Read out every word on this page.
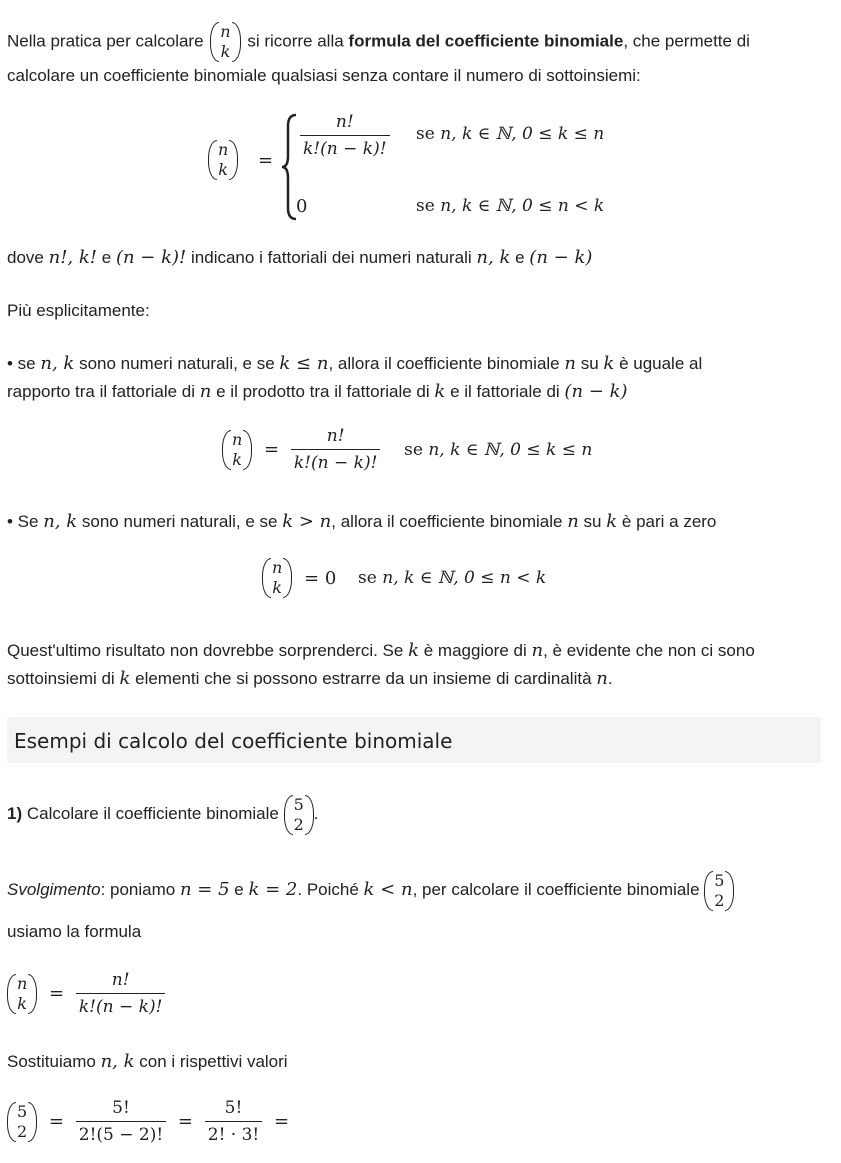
Nella pratica per calcolare	n
k
si ricorre alla formula del coefficiente binomiale, che permette di
calcolare un coefficiente binomiale qualsiasi senza contare il numero di sottoinsiemi:
n
k	=
$\frac{n!}{k!(n - k)!}$ se n, k ∈ ℕ, 0 ≤ k ≤ n
0	se n, k ∈ ℕ, 0 ≤ n < k
dove n!, k! e (n − k)! indicano i fattoriali dei numeri naturali n, k e (n − k)
Più esplicitamente:
• se n, k sono numeri naturali, e se k ≤ n, allora il coefficiente binomiale n su k è uguale al
rapporto tra il fattoriale di n e il prodotto tra il fattoriale di k e il fattoriale di (n − k)
n
k	= $\frac{n!}{k!(n - k)!}$ se n, k ∈ ℕ, 0 ≤ k ≤ n
• Se n, k sono numeri naturali, e se k > n, allora il coefficiente binomiale n su k è pari a zero
n
k	= 0 se n, k ∈ ℕ, 0 ≤ n < k
Quest'ultimo risultato non dovrebbe sorprenderci. Se k è maggiore di n, è evidente che non ci sono
sottoinsiemi di k elementi che si possono estrarre da un insieme di cardinalità n.
Esempi di calcolo del coefficiente binomiale
1) Calcolare il coefficiente binomiale 5
2
.
Svolgimento: poniamo n = 5 e k = 2. Poiché k < n, per calcolare il coefficiente binomiale 5
2
usiamo la formula
n
k	= $\frac{n!}{k!(n - k)!}$
Sostituiamo n, k con i rispettivi valori
5
2	= $\frac{5!}{2!(5 - 2)!} = \frac{5!}{2! \cdot 3!}$ =
